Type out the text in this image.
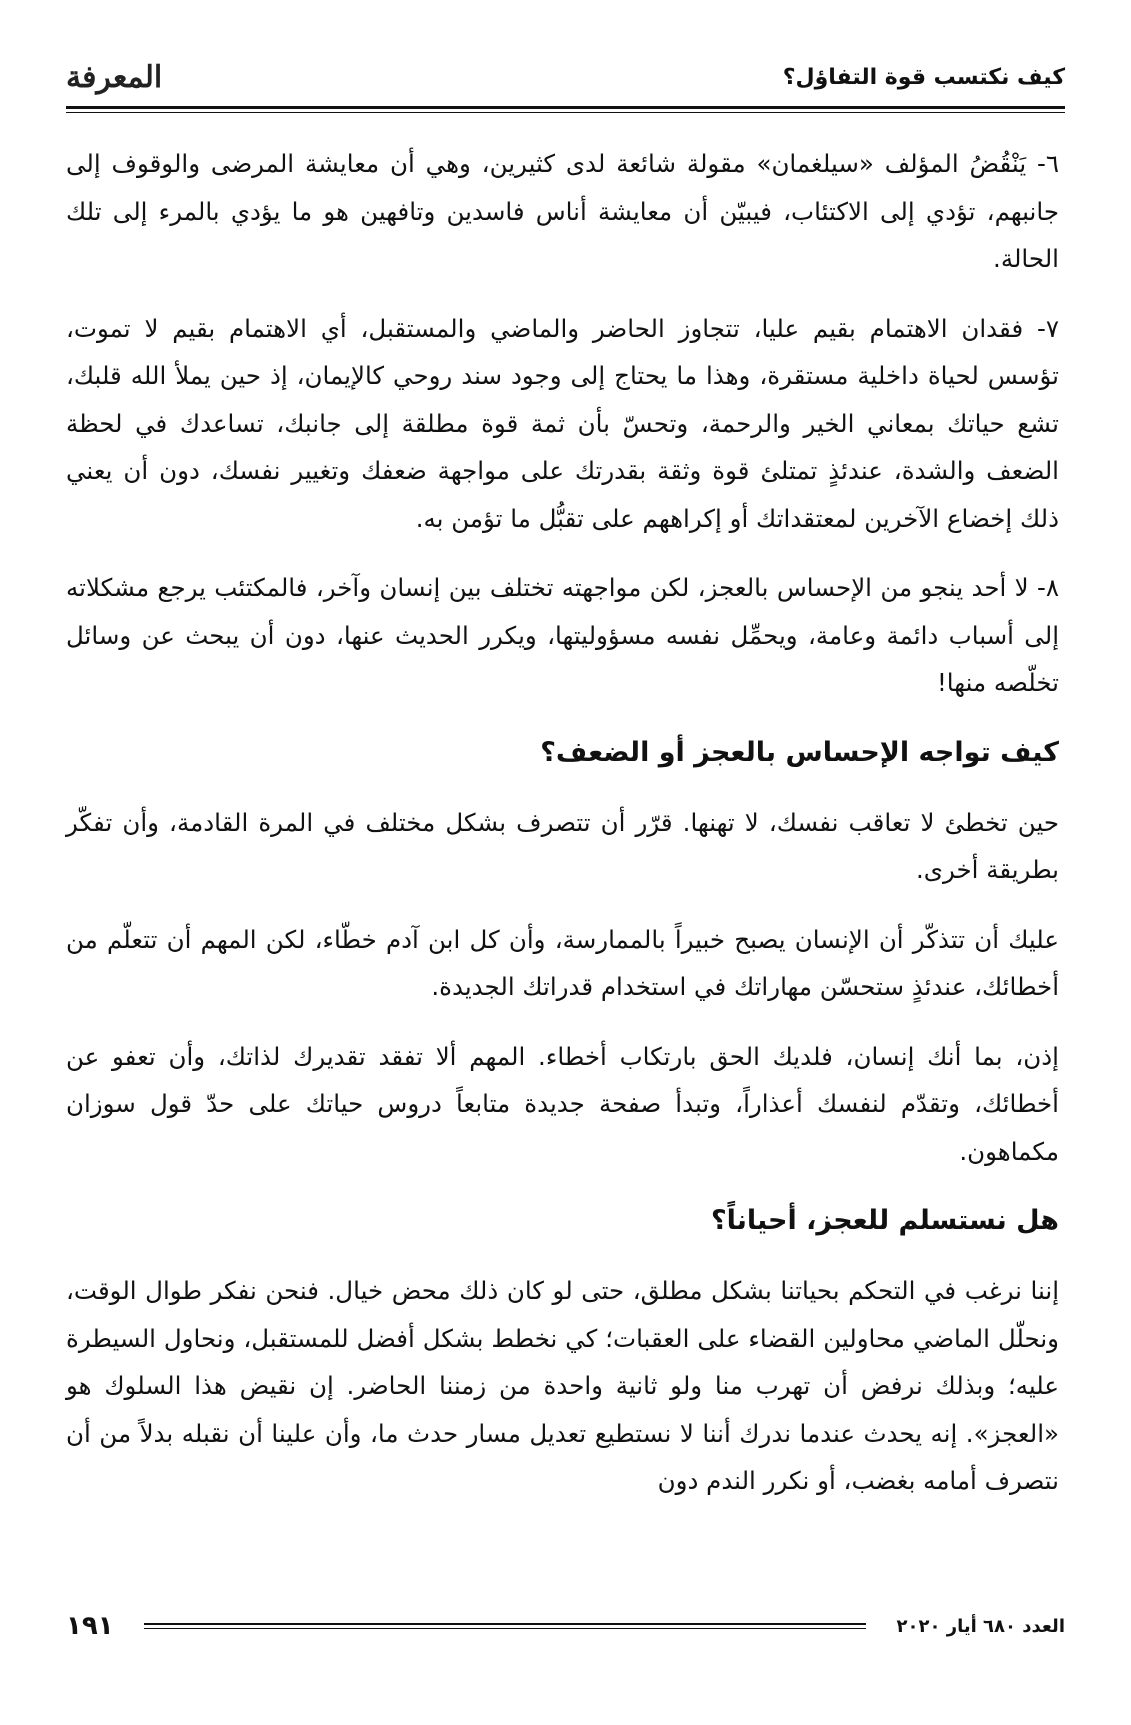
كيف نكتسب قوة التفاؤل؟
المعرفة

٦- يَنْقُضُ المؤلف «سيلغمان» مقولة شائعة لدى كثيرين، وهي أن معايشة المرضى والوقوف إلى جانبهم، تؤدي إلى الاكتئاب، فيبيّن أن معايشة أناس فاسدين وتافهين هو ما يؤدي بالمرء إلى تلك الحالة.

٧- فقدان الاهتمام بقيم عليا، تتجاوز الحاضر والماضي والمستقبل، أي الاهتمام بقيم لا تموت، تؤسس لحياة داخلية مستقرة، وهذا ما يحتاج إلى وجود سند روحي كالإيمان، إذ حين يملأ الله قلبك، تشع حياتك بمعاني الخير والرحمة، وتحسّ بأن ثمة قوة مطلقة إلى جانبك، تساعدك في لحظة الضعف والشدة، عندئذٍ تمتلئ قوة وثقة بقدرتك على مواجهة ضعفك وتغيير نفسك، دون أن يعني ذلك إخضاع الآخرين لمعتقداتك أو إكراههم على تقبُّل ما تؤمن به.

٨- لا أحد ينجو من الإحساس بالعجز، لكن مواجهته تختلف بين إنسان وآخر، فالمكتئب يرجع مشكلاته إلى أسباب دائمة وعامة، ويحمِّل نفسه مسؤوليتها، ويكرر الحديث عنها، دون أن يبحث عن وسائل تخلّصه منها!

كيف تواجه الإحساس بالعجز أو الضعف؟

حين تخطئ لا تعاقب نفسك، لا تهنها. قرّر أن تتصرف بشكل مختلف في المرة القادمة، وأن تفكّر بطريقة أخرى.

عليك أن تتذكّر أن الإنسان يصبح خبيراً بالممارسة، وأن كل ابن آدم خطّاء، لكن المهم أن تتعلّم من أخطائك، عندئذٍ ستحسّن مهاراتك في استخدام قدراتك الجديدة.

إذن، بما أنك إنسان، فلديك الحق بارتكاب أخطاء. المهم ألا تفقد تقديرك لذاتك، وأن تعفو عن أخطائك، وتقدّم لنفسك أعذاراً، وتبدأ صفحة جديدة متابعاً دروس حياتك على حدّ قول سوزان مكماهون.

هل نستسلم للعجز، أحياناً؟

إننا نرغب في التحكم بحياتنا بشكل مطلق، حتى لو كان ذلك محض خيال. فنحن نفكر طوال الوقت، ونحلّل الماضي محاولين القضاء على العقبات؛ كي نخطط بشكل أفضل للمستقبل، ونحاول السيطرة عليه؛ وبذلك نرفض أن تهرب منا ولو ثانية واحدة من زمننا الحاضر. إن نقيض هذا السلوك هو «العجز». إنه يحدث عندما ندرك أننا لا نستطيع تعديل مسار حدث ما، وأن علينا أن نقبله بدلاً من أن نتصرف أمامه بغضب، أو نكرر الندم دون

العدد ٦٨٠ أيار ٢٠٢٠
١٩١
